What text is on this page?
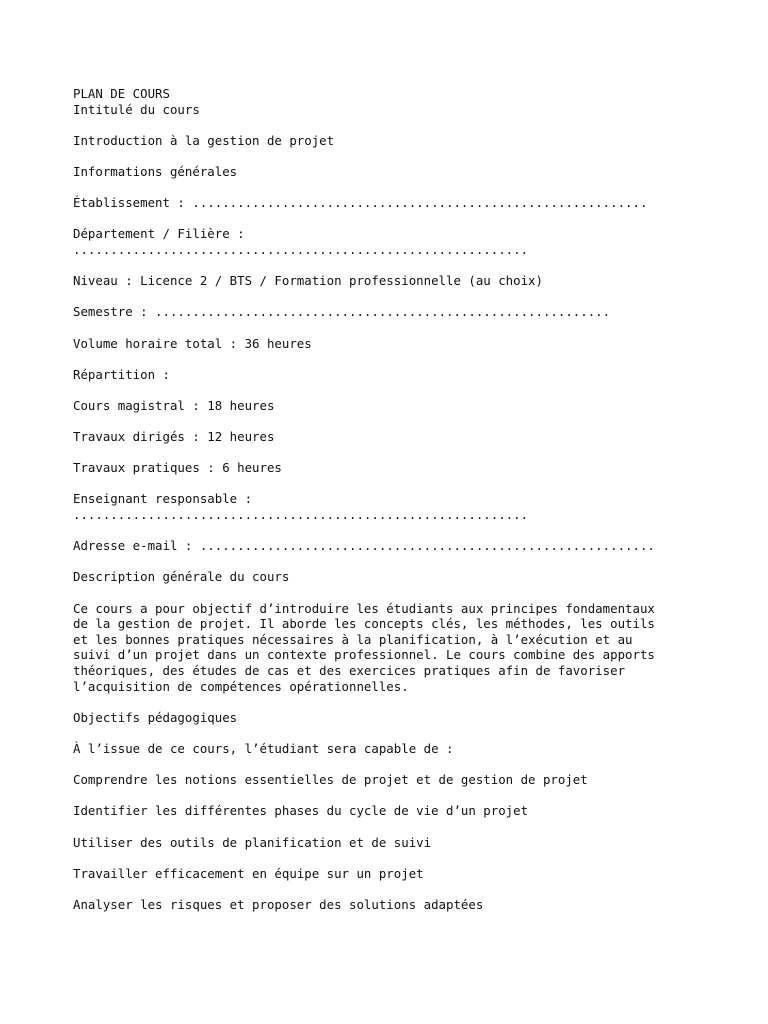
PLAN DE COURS
Intitulé du cours
Introduction à la gestion de projet
Informations générales
Établissement : .............................................................
Département / Filière :
.............................................................
Niveau : Licence 2 / BTS / Formation professionnelle (au choix)
Semestre : .............................................................
Volume horaire total : 36 heures
Répartition :
Cours magistral : 18 heures
Travaux dirigés : 12 heures
Travaux pratiques : 6 heures
Enseignant responsable :
.............................................................
Adresse e-mail : .............................................................
Description générale du cours
Ce cours a pour objectif d’introduire les étudiants aux principes fondamentaux
de la gestion de projet. Il aborde les concepts clés, les méthodes, les outils
et les bonnes pratiques nécessaires à la planification, à l’exécution et au
suivi d’un projet dans un contexte professionnel. Le cours combine des apports
théoriques, des études de cas et des exercices pratiques afin de favoriser
l’acquisition de compétences opérationnelles.
Objectifs pédagogiques
À l’issue de ce cours, l’étudiant sera capable de :
Comprendre les notions essentielles de projet et de gestion de projet
Identifier les différentes phases du cycle de vie d’un projet
Utiliser des outils de planification et de suivi
Travailler efficacement en équipe sur un projet
Analyser les risques et proposer des solutions adaptées
